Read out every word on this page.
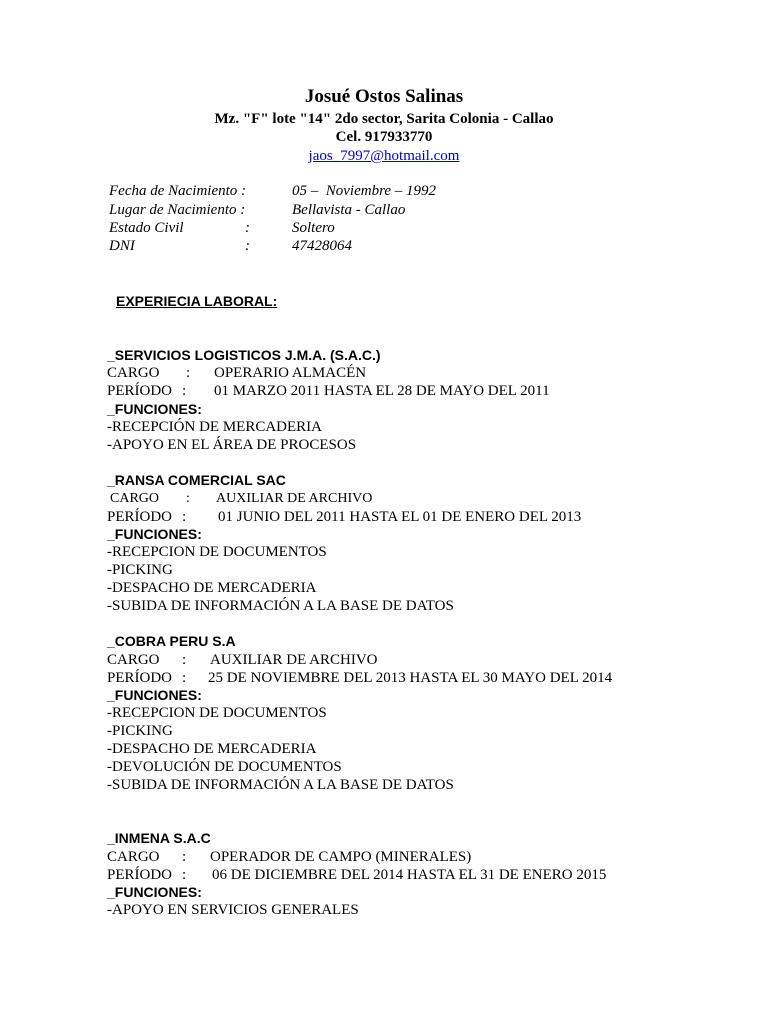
Josué Ostos Salinas
Mz. "F" lote "14" 2do sector, Sarita Colonia - Callao
Cel. 917933770
jaos_7997@hotmail.com
Fecha de Nacimiento :	05 –  Noviembre – 1992
Lugar de Nacimiento :	Bellavista - Callao
Estado Civil	:	Soltero
DNI	:	47428064
EXPERIECIA LABORAL:
_SERVICIOS LOGISTICOS J.M.A. (S.A.C.)
CARGO : OPERARIO ALMACÉN
PERÍODO : 01 MARZO 2011 HASTA EL 28 DE MAYO DEL 2011
_FUNCIONES:
-RECEPCIÓN DE MERCADERIA
-APOYO EN EL ÁREA DE PROCESOS
_RANSA COMERCIAL SAC
CARGO : AUXILIAR DE ARCHIVO
PERÍODO : 01 JUNIO DEL 2011 HASTA EL 01 DE ENERO DEL 2013
_FUNCIONES:
-RECEPCION DE DOCUMENTOS
-PICKING
-DESPACHO DE MERCADERIA
-SUBIDA DE INFORMACIÓN A LA BASE DE DATOS
_COBRA PERU S.A
CARGO : AUXILIAR DE ARCHIVO
PERÍODO : 25 DE NOVIEMBRE DEL 2013 HASTA EL 30 MAYO DEL 2014
_FUNCIONES:
-RECEPCION DE DOCUMENTOS
-PICKING
-DESPACHO DE MERCADERIA
-DEVOLUCIÓN DE DOCUMENTOS
-SUBIDA DE INFORMACIÓN A LA BASE DE DATOS
_INMENA S.A.C
CARGO : OPERADOR DE CAMPO (MINERALES)
PERÍODO : 06 DE DICIEMBRE DEL 2014 HASTA EL 31 DE ENERO 2015
_FUNCIONES:
-APOYO EN SERVICIOS GENERALES
